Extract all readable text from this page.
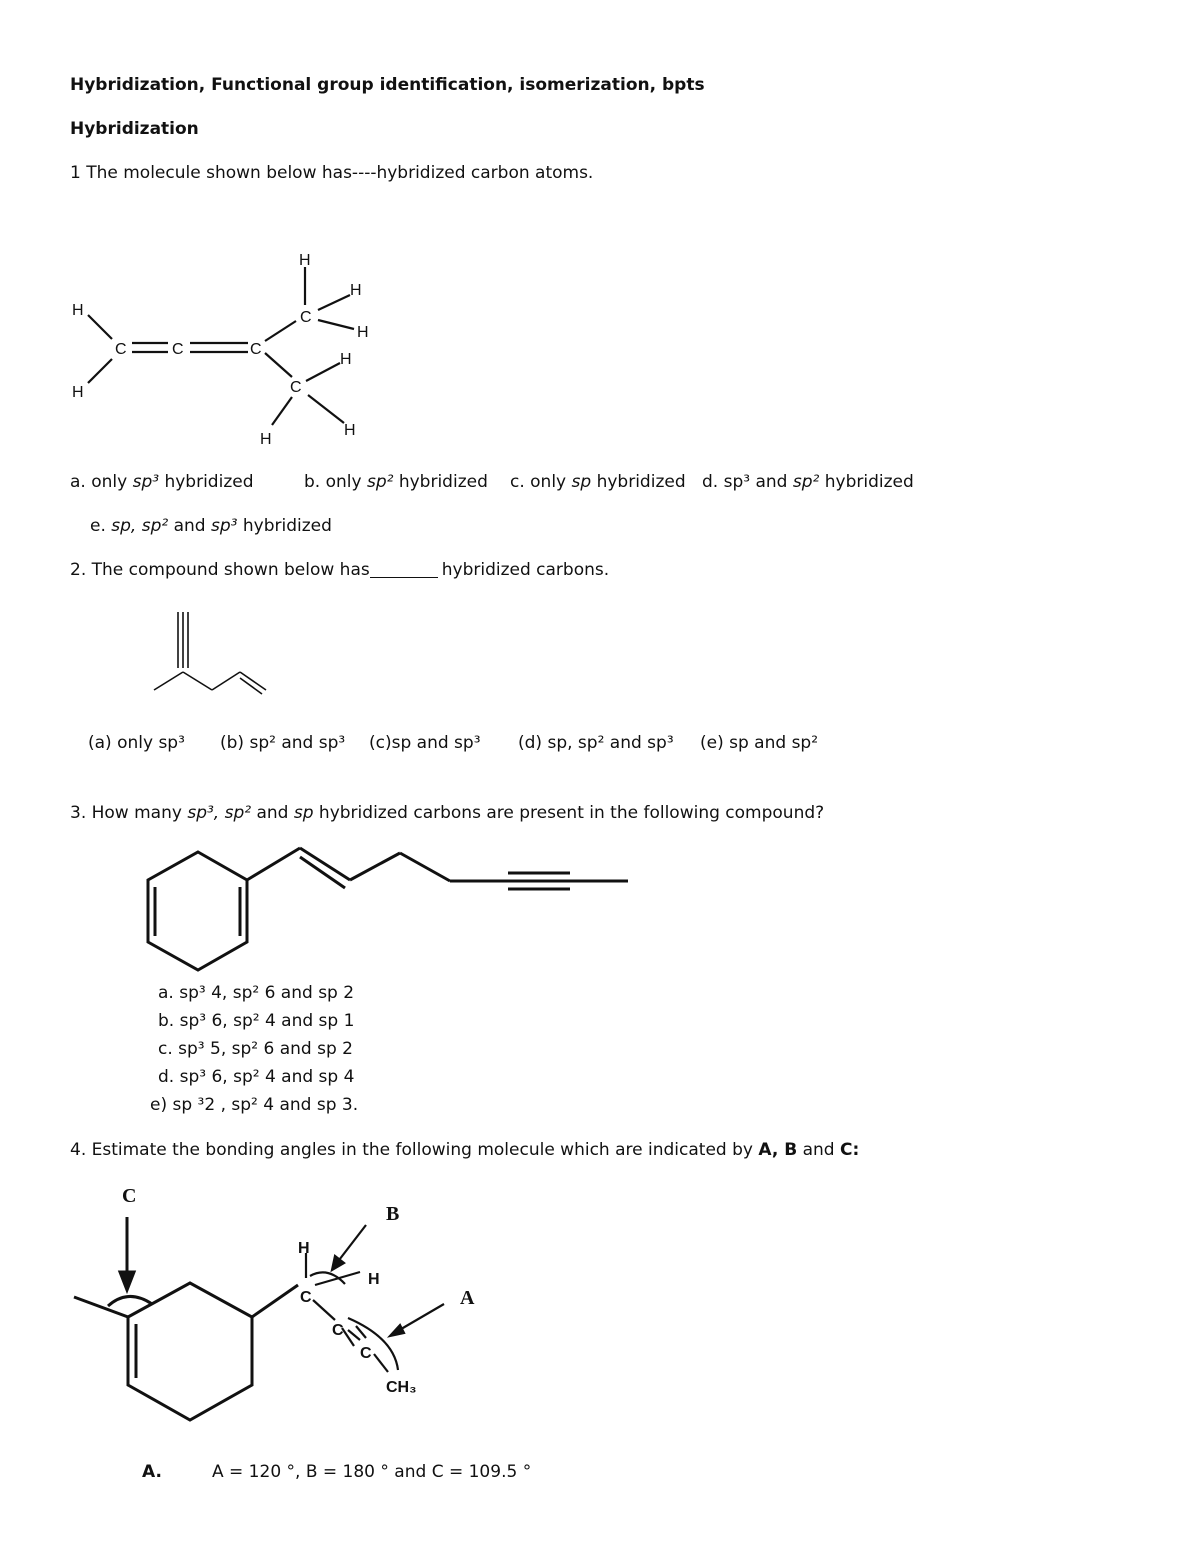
Hybridization, Functional group identification, isomerization, bpts
Hybridization
1 The molecule shown below has----hybridized carbon atoms.
H
H
C	C	C
H
C
H
H
H
C
H
H
a. only sp³ hybridized	b. only sp² hybridized c. only sp hybridized d. sp³ and sp² hybridized
e. sp, sp² and sp³ hybridized
2. The compound shown below has	hybridized carbons.
(a) only sp³ (b) sp² and sp³ (c)sp and sp³ (d) sp, sp² and sp³ (e) sp and sp²
3. How many sp³, sp² and sp hybridized carbons are present in the following compound?
a. sp³ 4, sp² 6 and sp 2
b. sp³ 6, sp² 4 and sp 1
c. sp³ 5, sp² 6 and sp 2
d. sp³ 6, sp² 4 and sp 4
e) sp ³2 , sp² 4 and sp 3.
4. Estimate the bonding angles in the following molecule which are indicated by A, B and C:
C
B
A
H
H
C
C
C
CH₃
A.	A = 120 °, B = 180 ° and C = 109.5 °
